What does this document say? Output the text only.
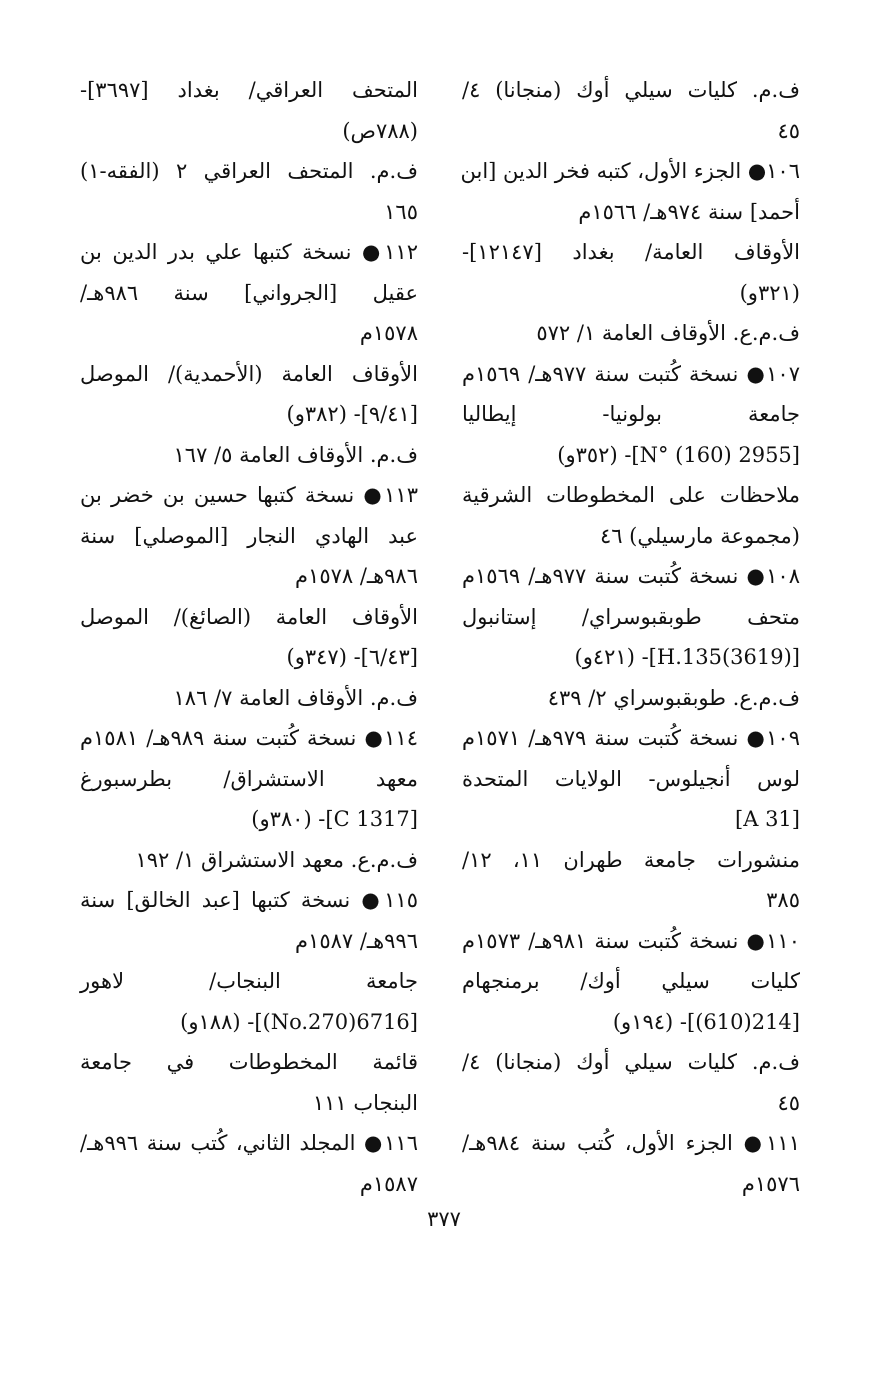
ف.م. كليات سيلي أوك (منجانا) ٤/
٤٥
١٠٦● الجزء الأول، كتبه فخر الدين [ابن
أحمد] سنة ٩٧٤هـ/ ١٥٦٦م
الأوقاف العامة/ بغداد [١٢١٤٧]-
(٣٢١و)
ف.م.ع. الأوقاف العامة ١/ ٥٧٢
١٠٧● نسخة كُتبت سنة ٩٧٧هـ/ ١٥٦٩م
جامعة بولونيا- إيطاليا
[2955 N° (160)]- (٣٥٢و)
ملاحظات على المخطوطات الشرقية
(مجموعة مارسيلي) ٤٦
١٠٨● نسخة كُتبت سنة ٩٧٧هـ/ ١٥٦٩م
متحف طوبقبوسراي/ إستانبول
[H.135(3619)]- (٤٢١و)
ف.م.ع. طوبقبوسراي ٢/ ٤٣٩
١٠٩● نسخة كُتبت سنة ٩٧٩هـ/ ١٥٧١م
لوس أنجيلوس- الولايات المتحدة
[A 31]
منشورات جامعة طهران ١١، ١٢/
٣٨٥
١١٠● نسخة كُتبت سنة ٩٨١هـ/ ١٥٧٣م
كليات سيلي أوك/ برمنجهام
[214(610)]- (١٩٤و)
ف.م. كليات سيلي أوك (منجانا) ٤/
٤٥
١١١● الجزء الأول، كُتب سنة ٩٨٤هـ/
١٥٧٦م
المتحف العراقي/ بغداد [٣٦٩٧]-
(٧٨٨ص)
ف.م. المتحف العراقي ٢ (الفقه-١)
١٦٥
١١٢● نسخة كتبها علي بدر الدين بن
عقيل [الجرواني] سنة ٩٨٦هـ/
١٥٧٨م
الأوقاف العامة (الأحمدية)/ الموصل
[٩/٤١]- (٣٨٢و)
ف.م. الأوقاف العامة ٥/ ١٦٧
١١٣● نسخة كتبها حسين بن خضر بن
عبد الهادي النجار [الموصلي] سنة
٩٨٦هـ/ ١٥٧٨م
الأوقاف العامة (الصائغ)/ الموصل
[٦/٤٣]- (٣٤٧و)
ف.م. الأوقاف العامة ٧/ ١٨٦
١١٤● نسخة كُتبت سنة ٩٨٩هـ/ ١٥٨١م
معهد الاستشراق/ بطرسبورغ
[C 1317]- (٣٨٠و)
ف.م.ع. معهد الاستشراق ١/ ١٩٢
١١٥● نسخة كتبها [عبد الخالق] سنة
٩٩٦هـ/ ١٥٨٧م
جامعة البنجاب/ لاهور
[6716(No.270)]- (١٨٨و)
قائمة المخطوطات في جامعة
البنجاب ١١١
١١٦● المجلد الثاني، كُتب سنة ٩٩٦هـ/
١٥٨٧م
٣٧٧
